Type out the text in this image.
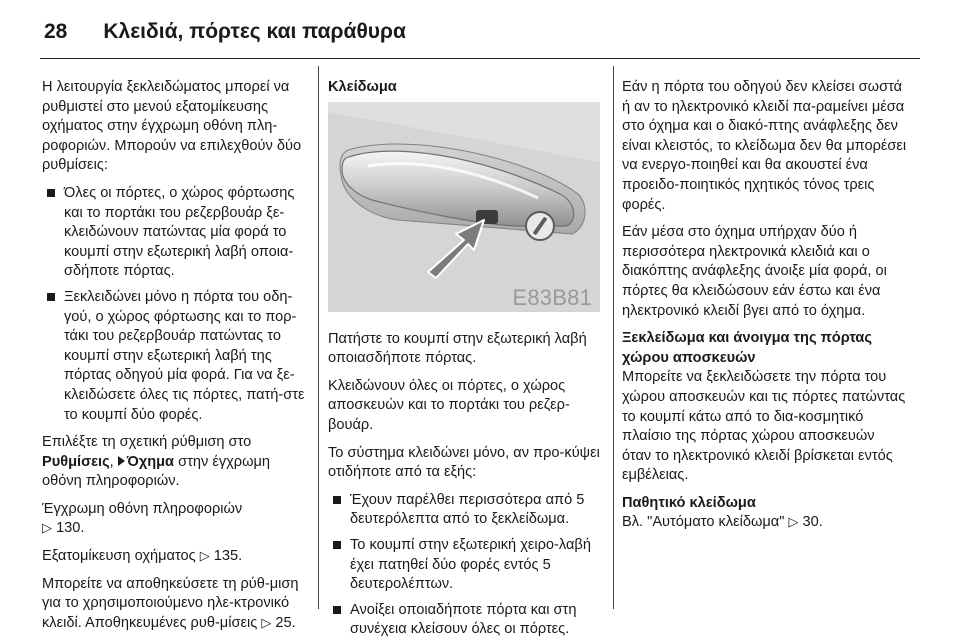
28 Κλειδιά, πόρτες και παράθυρα

Η λειτουργία ξεκλειδώματος μπορεί να ρυθμιστεί στο μενού εξατομίκευσης οχήματος στην έγχρωμη οθόνη πλη-ροφοριών. Μπορούν να επιλεχθούν δύο ρυθμίσεις:

Όλες οι πόρτες, ο χώρος φόρτωσης και το πορτάκι του ρεζερβουάρ ξε-κλειδώνουν πατώντας μία φορά το κουμπί στην εξωτερική λαβή οποια-σδήποτε πόρτας.
Ξεκλειδώνει μόνο η πόρτα του οδη-γού, ο χώρος φόρτωσης και το πορ-τάκι του ρεζερβουάρ πατώντας το κουμπί στην εξωτερική λαβή της πόρτας οδηγού μία φορά. Για να ξε-κλειδώσετε όλες τις πόρτες, πατή-στε το κουμπί δύο φορές.

Επιλέξτε τη σχετική ρύθμιση στο
Ρυθμίσεις, Όχημα στην έγχρωμη οθόνη πληροφοριών.

Έγχρωμη οθόνη πληροφοριών
▷ 130.

Εξατομίκευση οχήματος ▷ 135.

Μπορείτε να αποθηκεύσετε τη ρύθ-μιση για το χρησιμοποιούμενο ηλε-κτρονικό κλειδί. Αποθηκευμένες ρυθ-μίσεις ▷ 25.

Κλείδωμα

E83B81

Πατήστε το κουμπί στην εξωτερική λαβή οποιασδήποτε πόρτας.

Κλειδώνουν όλες οι πόρτες, ο χώρος αποσκευών και το πορτάκι του ρεζερ-βουάρ.

Το σύστημα κλειδώνει μόνο, αν προ-κύψει οτιδήποτε από τα εξής:

Έχουν παρέλθει περισσότερα από 5 δευτερόλεπτα από το ξεκλείδωμα.
Το κουμπί στην εξωτερική χειρο-λαβή έχει πατηθεί δύο φορές εντός 5 δευτερολέπτων.
Ανοίξει οποιαδήποτε πόρτα και στη συνέχεια κλείσουν όλες οι πόρτες.

Εάν η πόρτα του οδηγού δεν κλείσει σωστά ή αν το ηλεκτρονικό κλειδί πα-ραμείνει μέσα στο όχημα και ο διακό-πτης ανάφλεξης δεν είναι κλειστός, το κλείδωμα δεν θα μπορέσει να ενεργο-ποιηθεί και θα ακουστεί ένα προειδο-ποιητικός ηχητικός τόνος τρεις φορές.

Εάν μέσα στο όχημα υπήρχαν δύο ή περισσότερα ηλεκτρονικά κλειδιά και ο διακόπτης ανάφλεξης άνοιξε μία φορά, οι πόρτες θα κλειδώσουν εάν έστω και ένα ηλεκτρονικό κλειδί βγει από το όχημα.

Ξεκλείδωμα και άνοιγμα της πόρτας χώρου αποσκευών

Μπορείτε να ξεκλειδώσετε την πόρτα του χώρου αποσκευών και τις πόρτες πατώντας το κουμπί κάτω από το δια-κοσμητικό πλαίσιο της πόρτας χώρου αποσκευών όταν το ηλεκτρονικό κλειδί βρίσκεται εντός εμβέλειας.

Παθητικό κλείδωμα

Βλ. "Αυτόματο κλείδωμα" ▷ 30.
